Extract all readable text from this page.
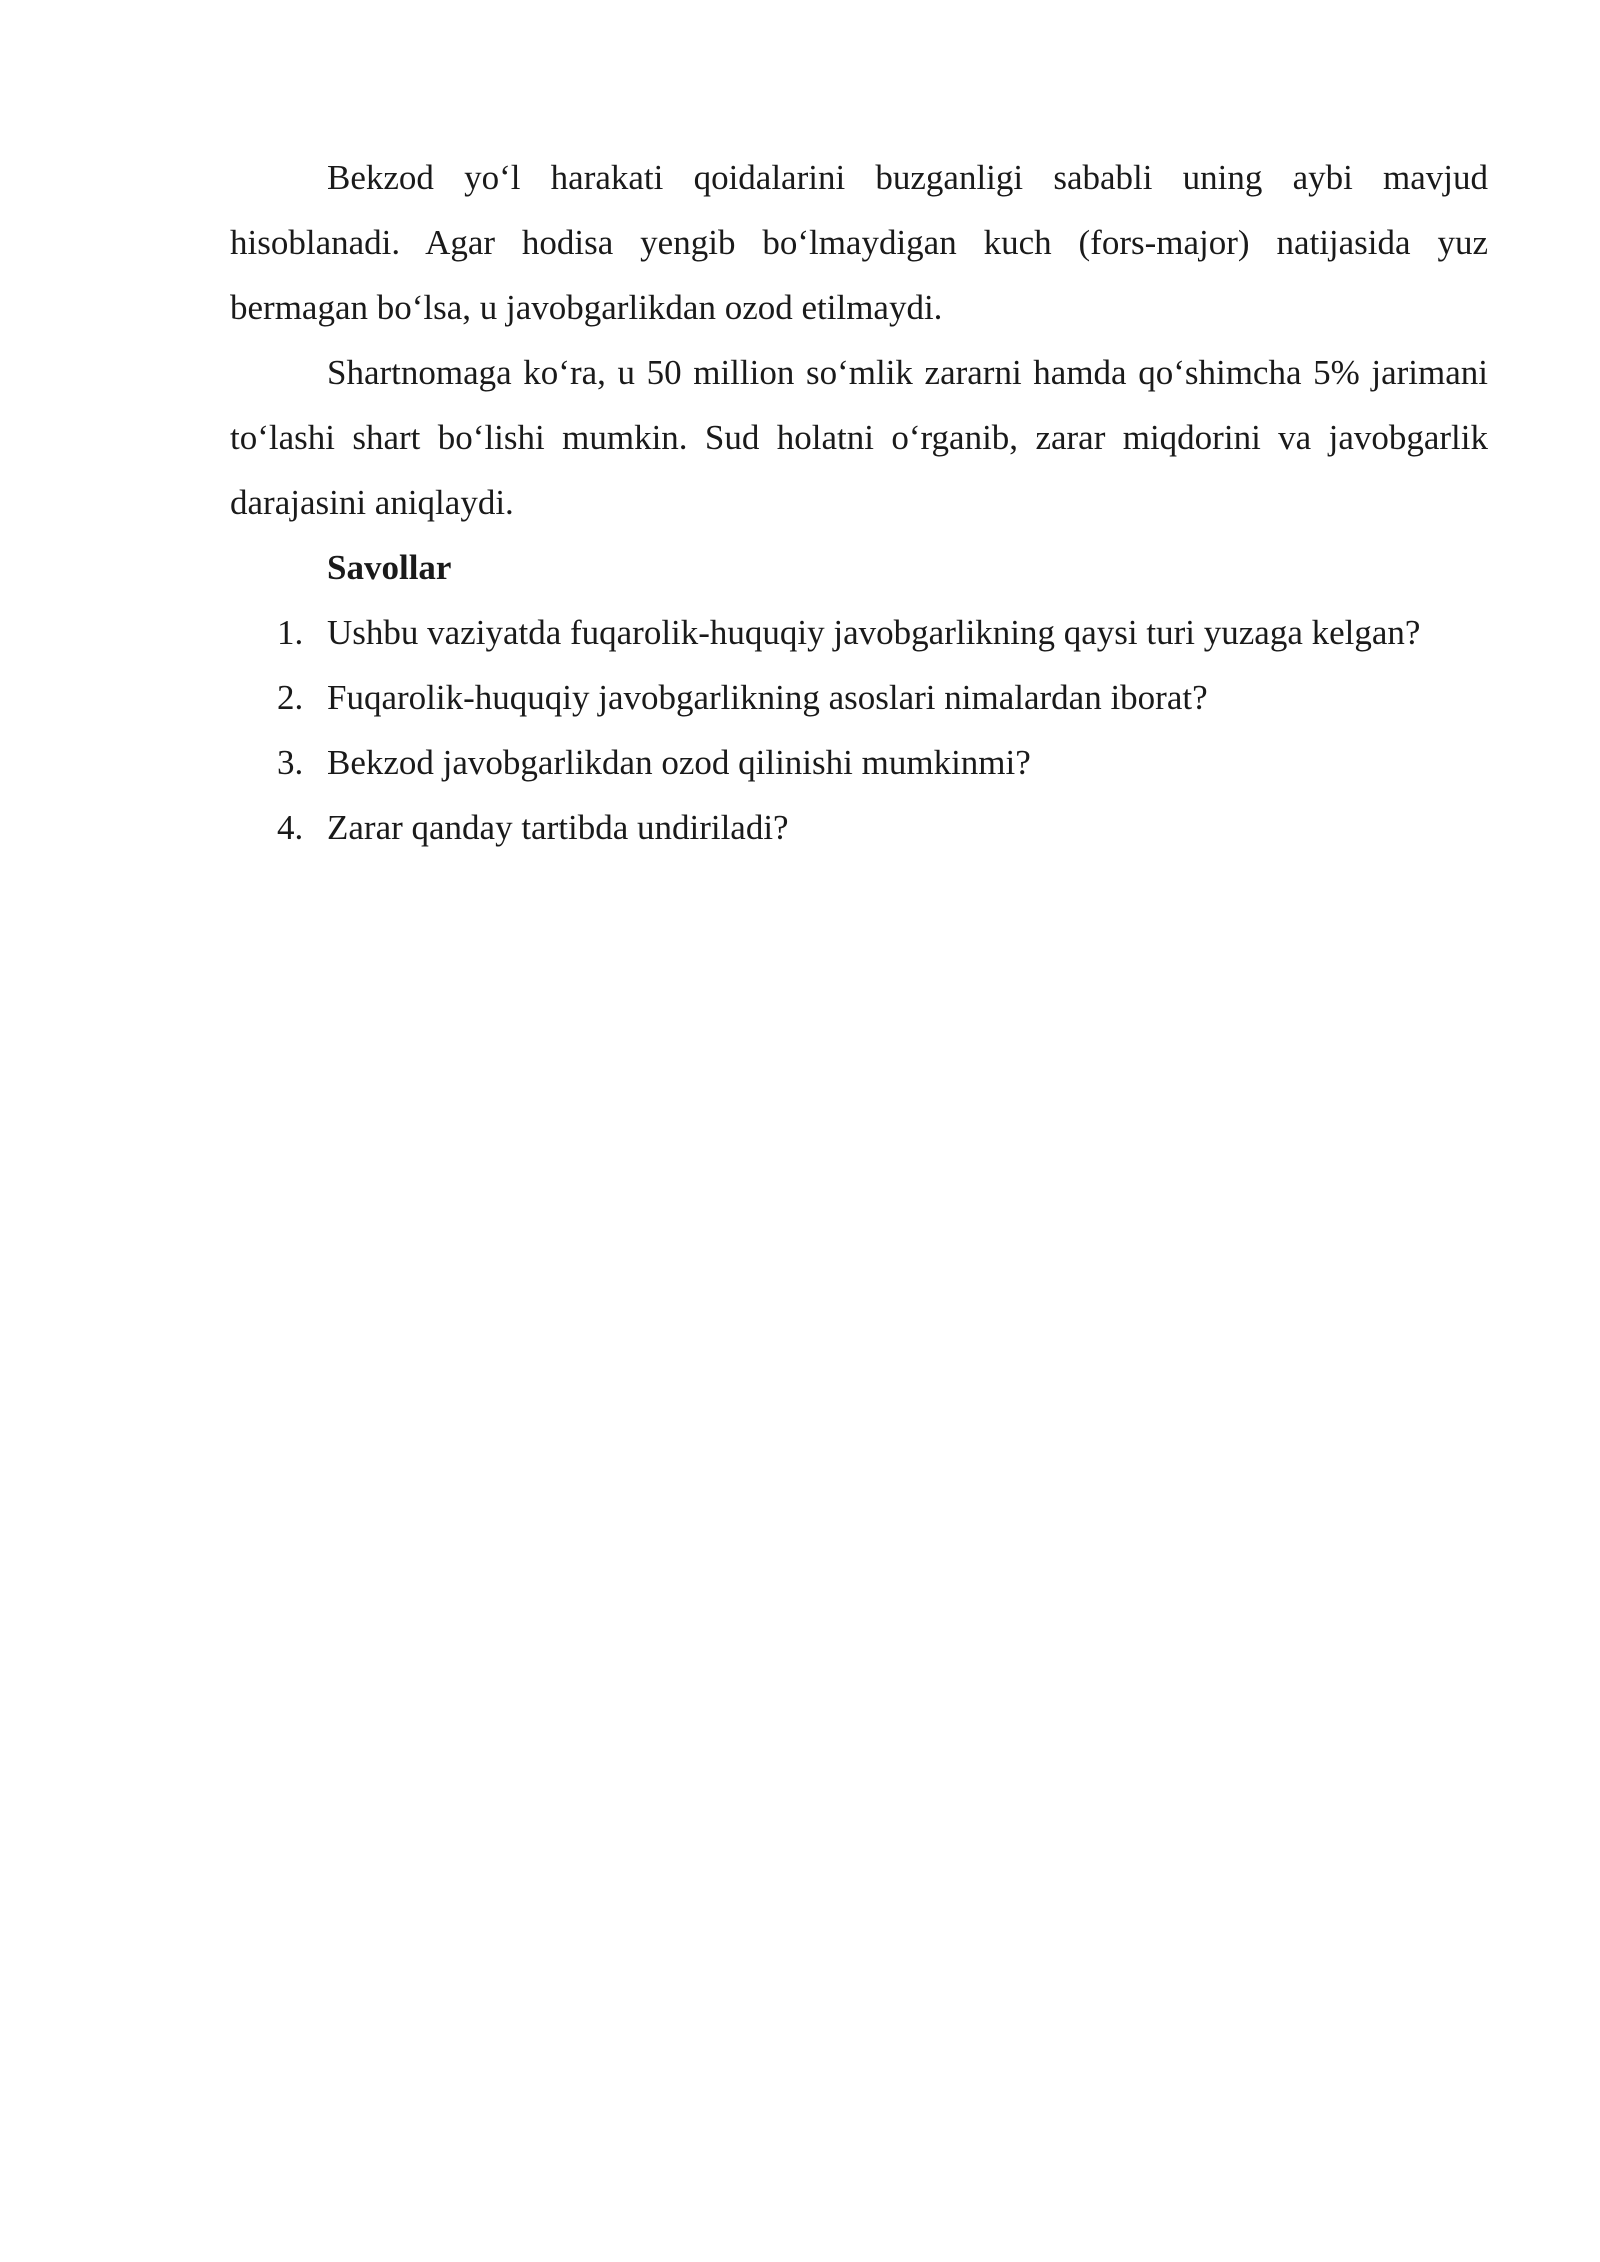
Bekzod yo‘l harakati qoidalarini buzganligi sababli uning aybi mavjud hisoblanadi. Agar hodisa yengib bo‘lmaydigan kuch (fors-major) natijasida yuz bermagan bo‘lsa, u javobgarlikdan ozod etilmaydi.

Shartnomaga ko‘ra, u 50 million so‘mlik zararni hamda qo‘shimcha 5% jarimani to‘lashi shart bo‘lishi mumkin. Sud holatni o‘rganib, zarar miqdorini va javobgarlik darajasini aniqlaydi.

Savollar

1. Ushbu vaziyatda fuqarolik-huquqiy javobgarlikning qaysi turi yuzaga kelgan?
2. Fuqarolik-huquqiy javobgarlikning asoslari nimalardan iborat?
3. Bekzod javobgarlikdan ozod qilinishi mumkinmi?
4. Zarar qanday tartibda undiriladi?
